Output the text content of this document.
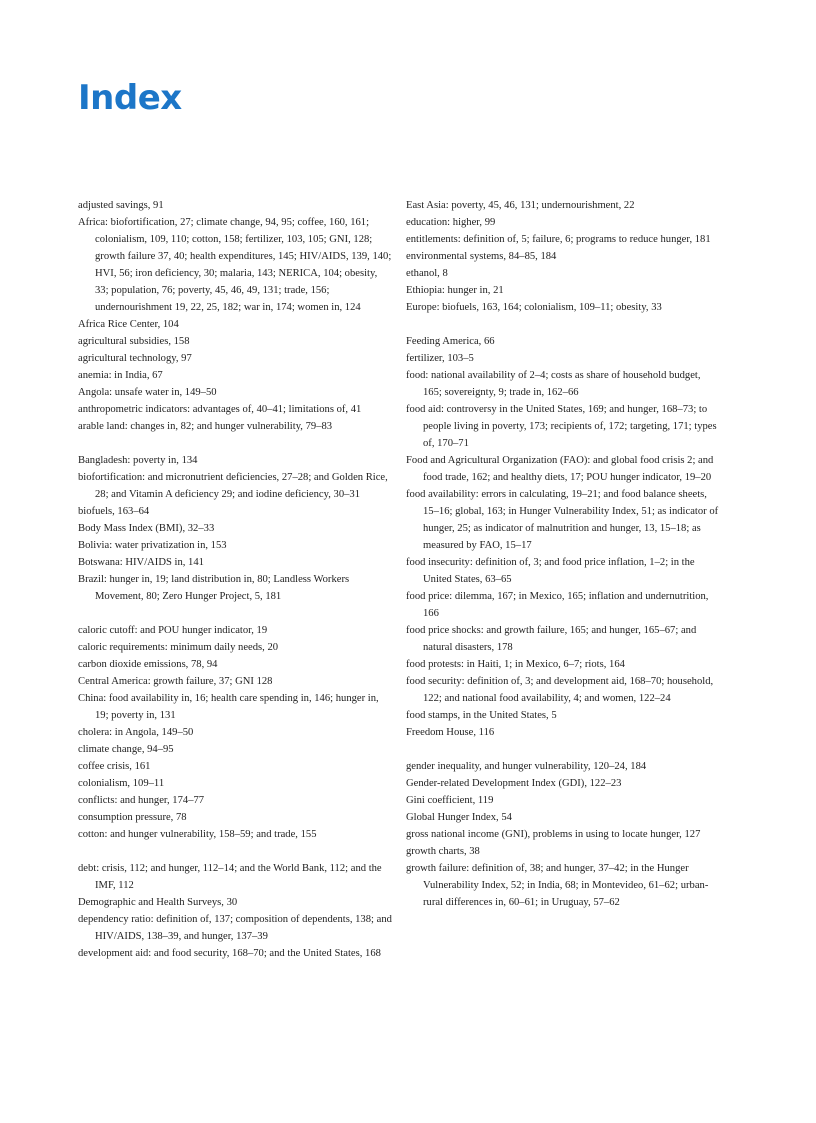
Index

adjusted savings, 91

Africa: biofortification, 27; climate change, 94, 95; coffee, 160, 161; colonialism, 109, 110; cotton, 158; fertilizer, 103, 105; GNI, 128; growth failure 37, 40; health expenditures, 145; HIV/AIDS, 139, 140; HVI, 56; iron deficiency, 30; malaria, 143; NERICA, 104; obesity, 33; population, 76; poverty, 45, 46, 49, 131; trade, 156; undernourishment 19, 22, 25, 182; war in, 174; women in, 124

Africa Rice Center, 104

agricultural subsidies, 158

agricultural technology, 97

anemia: in India, 67

Angola: unsafe water in, 149–50

anthropometric indicators: advantages of, 40–41; limitations of, 41

arable land: changes in, 82; and hunger vulnerability, 79–83

Bangladesh: poverty in, 134

biofortification: and micronutrient deficiencies, 27–28; and Golden Rice, 28; and Vitamin A deficiency 29; and iodine deficiency, 30–31

biofuels, 163–64

Body Mass Index (BMI), 32–33

Bolivia: water privatization in, 153

Botswana: HIV/AIDS in, 141

Brazil: hunger in, 19; land distribution in, 80; Landless Workers Movement, 80; Zero Hunger Project, 5, 181

caloric cutoff: and POU hunger indicator, 19

caloric requirements: minimum daily needs, 20

carbon dioxide emissions, 78, 94

Central America: growth failure, 37; GNI 128

China: food availability in, 16; health care spending in, 146; hunger in, 19; poverty in, 131

cholera: in Angola, 149–50

climate change, 94–95

coffee crisis, 161

colonialism, 109–11

conflicts: and hunger, 174–77

consumption pressure, 78

cotton: and hunger vulnerability, 158–59; and trade, 155

debt: crisis, 112; and hunger, 112–14; and the World Bank, 112; and the IMF, 112

Demographic and Health Surveys, 30

dependency ratio: definition of, 137; composition of dependents, 138; and HIV/AIDS, 138–39, and hunger, 137–39

development aid: and food security, 168–70; and the United States, 168

East Asia: poverty, 45, 46, 131; undernourishment, 22

education: higher, 99

entitlements: definition of, 5; failure, 6; programs to reduce hunger, 181

environmental systems, 84–85, 184

ethanol, 8

Ethiopia: hunger in, 21

Europe: biofuels, 163, 164; colonialism, 109–11; obesity, 33

Feeding America, 66

fertilizer, 103–5

food: national availability of 2–4; costs as share of household budget, 165; sovereignty, 9; trade in, 162–66

food aid: controversy in the United States, 169; and hunger, 168–73; to people living in poverty, 173; recipients of, 172; targeting, 171; types of, 170–71

Food and Agricultural Organization (FAO): and global food crisis 2; and food trade, 162; and healthy diets, 17; POU hunger indicator, 19–20

food availability: errors in calculating, 19–21; and food balance sheets, 15–16; global, 163; in Hunger Vulnerability Index, 51; as indicator of hunger, 25; as indicator of malnutrition and hunger, 13, 15–18; as measured by FAO, 15–17

food insecurity: definition of, 3; and food price inflation, 1–2; in the United States, 63–65

food price: dilemma, 167; in Mexico, 165; inflation and undernutrition, 166

food price shocks: and growth failure, 165; and hunger, 165–67; and natural disasters, 178

food protests: in Haiti, 1; in Mexico, 6–7; riots, 164

food security: definition of, 3; and development aid, 168–70; household, 122; and national food availability, 4; and women, 122–24

food stamps, in the United States, 5

Freedom House, 116

gender inequality, and hunger vulnerability, 120–24, 184

Gender-related Development Index (GDI), 122–23

Gini coefficient, 119

Global Hunger Index, 54

gross national income (GNI), problems in using to locate hunger, 127

growth charts, 38

growth failure: definition of, 38; and hunger, 37–42; in the Hunger Vulnerability Index, 52; in India, 68; in Montevideo, 61–62; urban-rural differences in, 60–61; in Uruguay, 57–62
